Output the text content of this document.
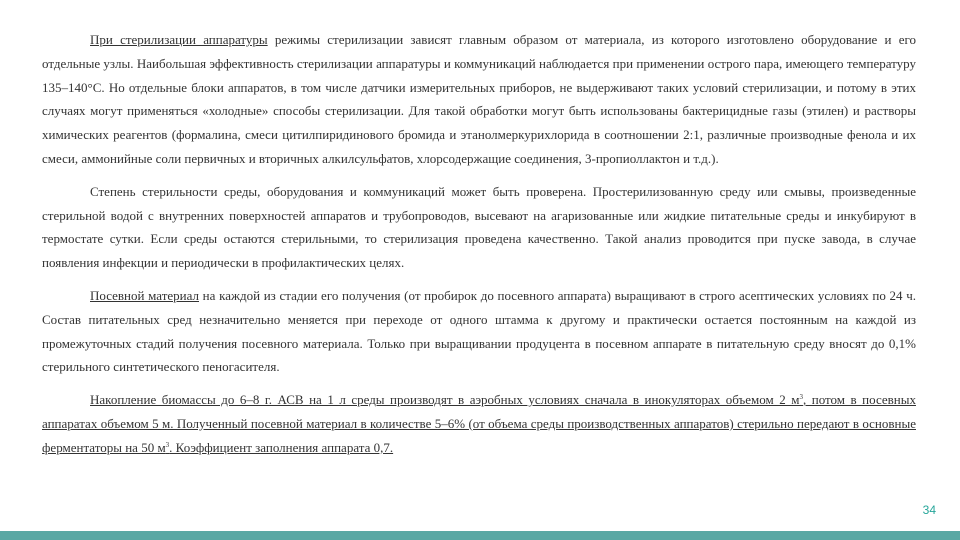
При стерилизации аппаратуры режимы стерилизации зависят главным образом от материала, из которого изготовлено оборудование и его отдельные узлы. Наибольшая эффективность стерилизации аппаратуры и коммуникаций наблюдается при применении острого пара, имеющего температуру 135–140°С. Но отдельные блоки аппаратов, в том числе датчики измерительных приборов, не выдерживают таких условий стерилизации, и потому в этих случаях могут применяться «холодные» способы стерилизации. Для такой обработки могут быть использованы бактерицидные газы (этилен) и растворы химических реагентов (формалина, смеси цитилпиридинового бромида и этанолмеркурихлорида в соотношении 2:1, различные производные фенола и их смеси, аммонийные соли первичных и вторичных алкилсульфатов, хлорсодержащие соединения, 3-пропиоллактон и т.д.).

Степень стерильности среды, оборудования и коммуникаций может быть проверена. Простерилизованную среду или смывы, произведенные стерильной водой с внутренних поверхностей аппаратов и трубопроводов, высевают на агаризованные или жидкие питательные среды и инкубируют в термостате сутки. Если среды остаются стерильными, то стерилизация проведена качественно. Такой анализ проводится при пуске завода, в случае появления инфекции и периодически в профилактических целях.

Посевной материал на каждой из стадии его получения (от пробирок до посевного аппарата) выращивают в строго асептических условиях по 24 ч. Состав питательных сред незначительно меняется при переходе от одного штамма к другому и практически остается постоянным на каждой из промежуточных стадий получения посевного материала. Только при выращивании продуцента в посевном аппарате в питательную среду вносят до 0,1% стерильного синтетического пеногасителя.

Накопление биомассы до 6–8 г. АСВ на 1 л среды производят в аэробных условиях сначала в инокуляторах объемом 2 $м^3$, потом в посевных аппаратах объемом 5 м. Полученный посевной материал в количестве 5–6% (от объема среды производственных аппаратов) стерильно передают в основные ферментаторы на 50 $м^3$. Коэффициент заполнения аппарата 0,7.

34
